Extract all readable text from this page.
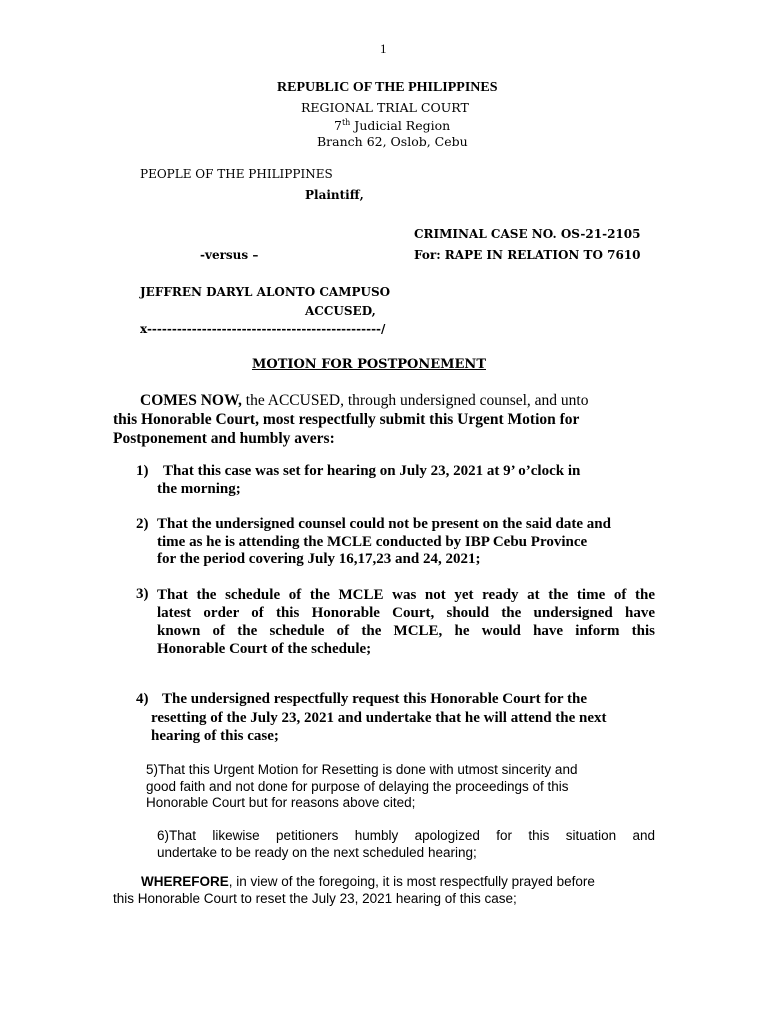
1
REPUBLIC OF THE PHILIPPINES
REGIONAL TRIAL COURT
7th Judicial Region
Branch 62, Oslob, Cebu
PEOPLE OF THE PHILIPPINES
Plaintiff,
CRIMINAL CASE NO. OS-21-2105
-versus –	For: RAPE IN RELATION TO 7610
JEFFREN DARYL ALONTO CAMPUSO
ACCUSED,
x-----------------------------------------------/
MOTION FOR POSTPONEMENT
COMES NOW, the ACCUSED, through undersigned counsel, and unto
this Honorable Court, most respectfully submit this Urgent Motion for
Postponement and humbly avers:
1) That this case was set for hearing on July 23, 2021 at 9’ o’clock in
the morning;
2) That the undersigned counsel could not be present on the said date and
time as he is attending the MCLE conducted by IBP Cebu Province
for the period covering July 16,17,23 and 24, 2021;
3) That the schedule of the MCLE was not yet ready at the time of the
latest order of this Honorable Court, should the undersigned have
known of the schedule of the MCLE, he would have inform this
Honorable Court of the schedule;
4) The undersigned respectfully request this Honorable Court for the
resetting of the July 23, 2021 and undertake that he will attend the next
hearing of this case;
5)That this Urgent Motion for Resetting is done with utmost sincerity and
good faith and not done for purpose of delaying the proceedings of this
Honorable Court but for reasons above cited;
6)That likewise petitioners humbly apologized for this situation and
undertake to be ready on the next scheduled hearing;
WHEREFORE, in view of the foregoing, it is most respectfully prayed before
this Honorable Court to reset the July 23, 2021 hearing of this case;
